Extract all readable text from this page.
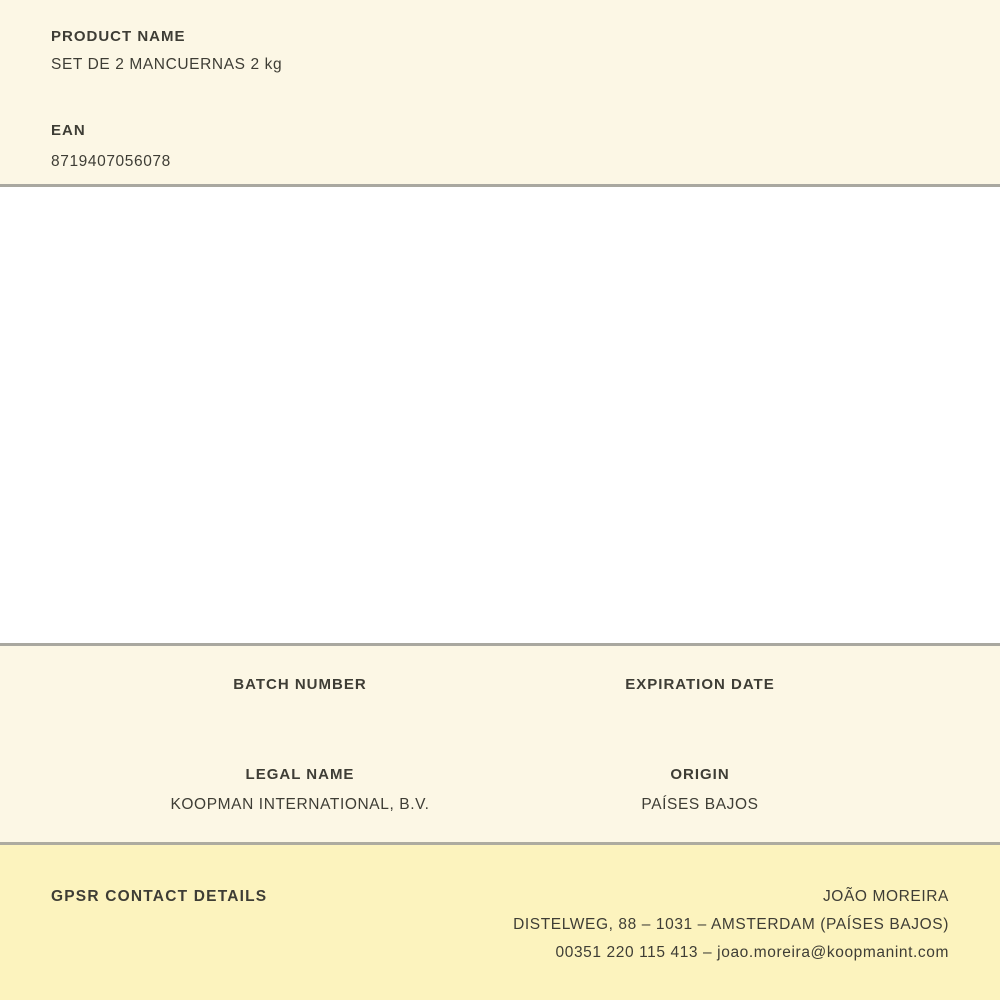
PRODUCT NAME
SET DE 2 MANCUERNAS 2 kg
EAN
8719407056078
BATCH NUMBER
LEGAL NAME
KOOPMAN INTERNATIONAL, B.V.
EXPIRATION DATE
ORIGIN
PAÍSES BAJOS
GPSR CONTACT DETAILS	JOÃO MOREIRA
DISTELWEG, 88 – 1031 – AMSTERDAM (PAÍSES BAJOS)
00351 220 115 413 – joao.moreira@koopmanint.com
